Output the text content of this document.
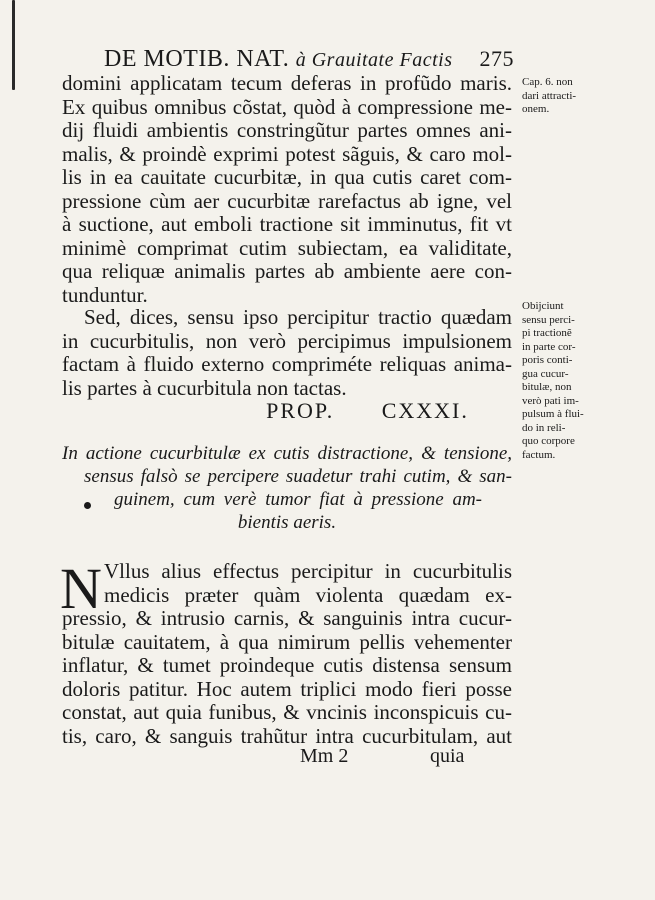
DE MOTIB. NAT. à Grauitate Factis 275
domini applicatam tecum deferas in profũdo maris.
Ex quibus omnibus cõstat, quòd à compressione me-
dij fluidi ambientis constringũtur partes omnes ani-
malis, & proindè exprimi potest sãguis, & caro mol-
lis in ea cauitate cucurbitæ, in qua cutis caret com-
pressione cùm aer cucurbitæ rarefactus ab igne, vel
à suctione, aut emboli tractione sit imminutus, fit vt
minimè comprimat cutim subiectam, ea validitate,
qua reliquæ animalis partes ab ambiente aere con-
tunduntur.
Sed, dices, sensu ipso percipitur tractio quædam
in cucurbitulis, non verò percipimus impulsionem
factam à fluido externo compriméte reliquas anima-
lis partes à cucurbitula non tactas.
PROP. CXXXI.
In actione cucurbitulæ ex cutis distractione, & tensione,
sensus falsò se percipere suadetur trahi cutim, & san-
guinem, cum verè tumor fiat à pressione am-
bientis aeris.
N Vllus alius effectus percipitur in cucurbitulis
medicis præter quàm violenta quædam ex-
pressio, & intrusio carnis, & sanguinis intra cucur-
bitulæ cauitatem, à qua nimirum pellis vehementer
inflatur, & tumet proindeque cutis distensa sensum
doloris patitur. Hoc autem triplici modo fieri posse
constat, aut quia funibus, & vncinis inconspicuis cu-
tis, caro, & sanguis trahũtur intra cucurbitulam, aut
Cap. 6. non
dari attracti-
onem.
Obijciunt
sensu perci-
pi tractionẽ
in parte cor-
poris conti-
gua cucur-
bitulæ, non
verò pati im-
pulsum à flui-
do in reli-
quo corpore
factum.
Mm 2	quia
